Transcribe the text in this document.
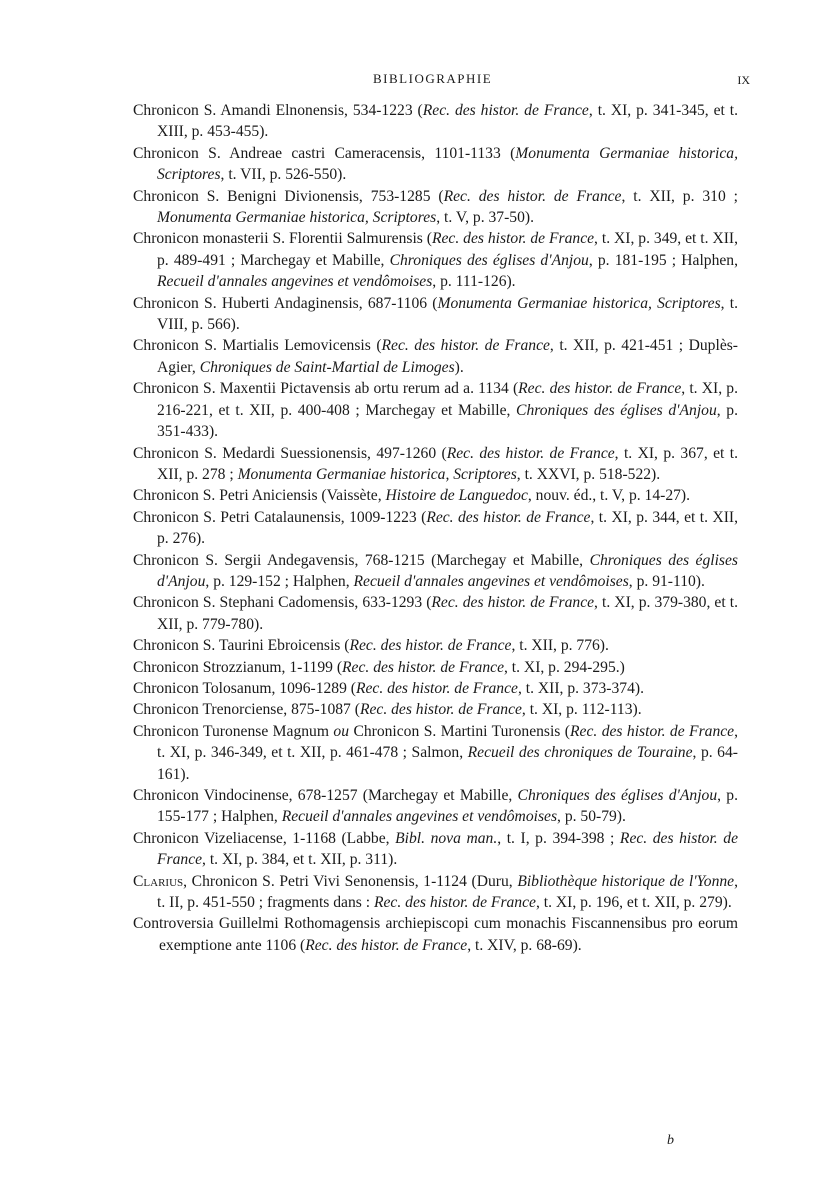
BIBLIOGRAPHIE	IX

Chronicon S. Amandi Elnonensis, 534-1223 (Rec. des histor. de France, t. XI, p. 341-345, et t. XIII, p. 453-455).

Chronicon S. Andreae castri Cameracensis, 1101-1133 (Monumenta Germaniae historica, Scriptores, t. VII, p. 526-550).

Chronicon S. Benigni Divionensis, 753-1285 (Rec. des histor. de France, t. XII, p. 310 ; Monumenta Germaniae historica, Scriptores, t. V, p. 37-50).

Chronicon monasterii S. Florentii Salmurensis (Rec. des histor. de France, t. XI, p. 349, et t. XII, p. 489-491 ; Marchegay et Mabille, Chroniques des églises d'Anjou, p. 181-195 ; Halphen, Recueil d'annales angevines et vendômoises, p. 111-126).

Chronicon S. Huberti Andaginensis, 687-1106 (Monumenta Germaniae historica, Scriptores, t. VIII, p. 566).

Chronicon S. Martialis Lemovicensis (Rec. des histor. de France, t. XII, p. 421-451 ; Duplès-Agier, Chroniques de Saint-Martial de Limoges).

Chronicon S. Maxentii Pictavensis ab ortu rerum ad a. 1134 (Rec. des histor. de France, t. XI, p. 216-221, et t. XII, p. 400-408 ; Marchegay et Mabille, Chroniques des églises d'Anjou, p. 351-433).

Chronicon S. Medardi Suessionensis, 497-1260 (Rec. des histor. de France, t. XI, p. 367, et t. XII, p. 278 ; Monumenta Germaniae historica, Scriptores, t. XXVI, p. 518-522).

Chronicon S. Petri Aniciensis (Vaissète, Histoire de Languedoc, nouv. éd., t. V, p. 14-27).

Chronicon S. Petri Catalaunensis, 1009-1223 (Rec. des histor. de France, t. XI, p. 344, et t. XII, p. 276).

Chronicon S. Sergii Andegavensis, 768-1215 (Marchegay et Mabille, Chroniques des églises d'Anjou, p. 129-152 ; Halphen, Recueil d'annales angevines et vendômoises, p. 91-110).

Chronicon S. Stephani Cadomensis, 633-1293 (Rec. des histor. de France, t. XI, p. 379-380, et t. XII, p. 779-780).

Chronicon S. Taurini Ebroicensis (Rec. des histor. de France, t. XII, p. 776).

Chronicon Strozzianum, 1-1199 (Rec. des histor. de France, t. XI, p. 294-295.)

Chronicon Tolosanum, 1096-1289 (Rec. des histor. de France, t. XII, p. 373-374).

Chronicon Trenorciense, 875-1087 (Rec. des histor. de France, t. XI, p. 112-113).

Chronicon Turonense Magnum ou Chronicon S. Martini Turonensis (Rec. des histor. de France, t. XI, p. 346-349, et t. XII, p. 461-478 ; Salmon, Recueil des chroniques de Touraine, p. 64-161).

Chronicon Vindocinense, 678-1257 (Marchegay et Mabille, Chroniques des églises d'Anjou, p. 155-177 ; Halphen, Recueil d'annales angevines et vendômoises, p. 50-79).

Chronicon Vizeliacense, 1-1168 (Labbe, Bibl. nova man., t. I, p. 394-398 ; Rec. des histor. de France, t. XI, p. 384, et t. XII, p. 311).

Clarius, Chronicon S. Petri Vivi Senonensis, 1-1124 (Duru, Bibliothèque historique de l'Yonne, t. II, p. 451-550 ; fragments dans : Rec. des histor. de France, t. XI, p. 196, et t. XII, p. 279).

Controversia Guillelmi Rothomagensis archiepiscopi cum monachis Fiscannensibus pro eorum exemptione ante 1106 (Rec. des histor. de France, t. XIV, p. 68-69).

b
